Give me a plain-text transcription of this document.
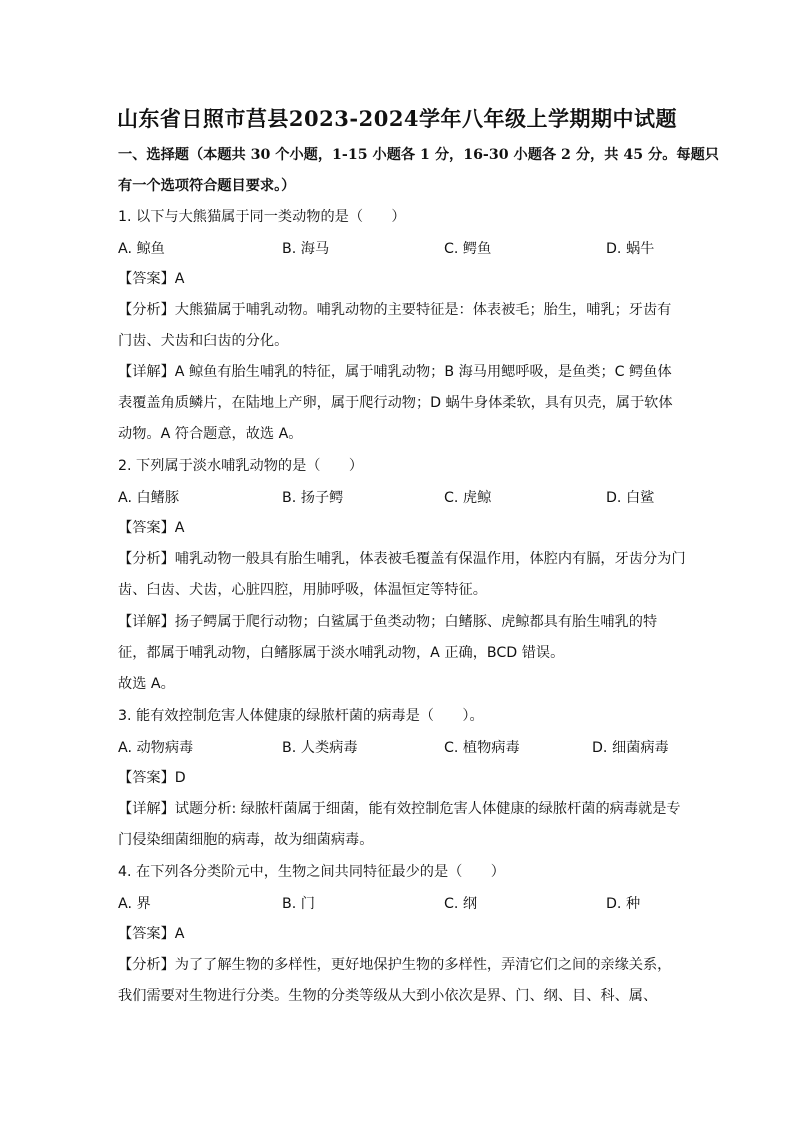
山东省日照市莒县2023-2024学年八年级上学期期中试题
一、选择题（本题共 30 个小题，1-15 小题各 1 分，16-30 小题各 2 分，共 45 分。每题只
有一个选项符合题目要求。）
1. 以下与大熊猫属于同一类动物的是（　　）
A. 鲸鱼	B. 海马	C. 鳄鱼	D. 蜗牛
【答案】A
【分析】大熊猫属于哺乳动物。哺乳动物的主要特征是：体表被毛；胎生，哺乳；牙齿有
门齿、犬齿和臼齿的分化。
【详解】A 鲸鱼有胎生哺乳的特征，属于哺乳动物；B 海马用鳃呼吸，是鱼类；C 鳄鱼体
表覆盖角质鳞片，在陆地上产卵，属于爬行动物；D 蜗牛身体柔软，具有贝壳，属于软体
动物。A 符合题意，故选 A。
2. 下列属于淡水哺乳动物的是（　　）
A. 白鳍豚	B. 扬子鳄	C. 虎鲸	D. 白鲨
【答案】A
【分析】哺乳动物一般具有胎生哺乳，体表被毛覆盖有保温作用，体腔内有膈，牙齿分为门
齿、臼齿、犬齿，心脏四腔，用肺呼吸，体温恒定等特征。
【详解】扬子鳄属于爬行动物；白鲨属于鱼类动物；白鳍豚、虎鲸都具有胎生哺乳的特
征，都属于哺乳动物，白鳍豚属于淡水哺乳动物，A 正确，BCD 错误。
故选 A。
3. 能有效控制危害人体健康的绿脓杆菌的病毒是（　　）。
A. 动物病毒	B. 人类病毒	C. 植物病毒	D. 细菌病毒
【答案】D
【详解】试题分析: 绿脓杆菌属于细菌，能有效控制危害人体健康的绿脓杆菌的病毒就是专
门侵染细菌细胞的病毒，故为细菌病毒。
4. 在下列各分类阶元中，生物之间共同特征最少的是（　　）
A. 界	B. 门	C. 纲	D. 种
【答案】A
【分析】为了了解生物的多样性，更好地保护生物的多样性，弄清它们之间的亲缘关系，
我们需要对生物进行分类。生物的分类等级从大到小依次是界、门、纲、目、科、属、
